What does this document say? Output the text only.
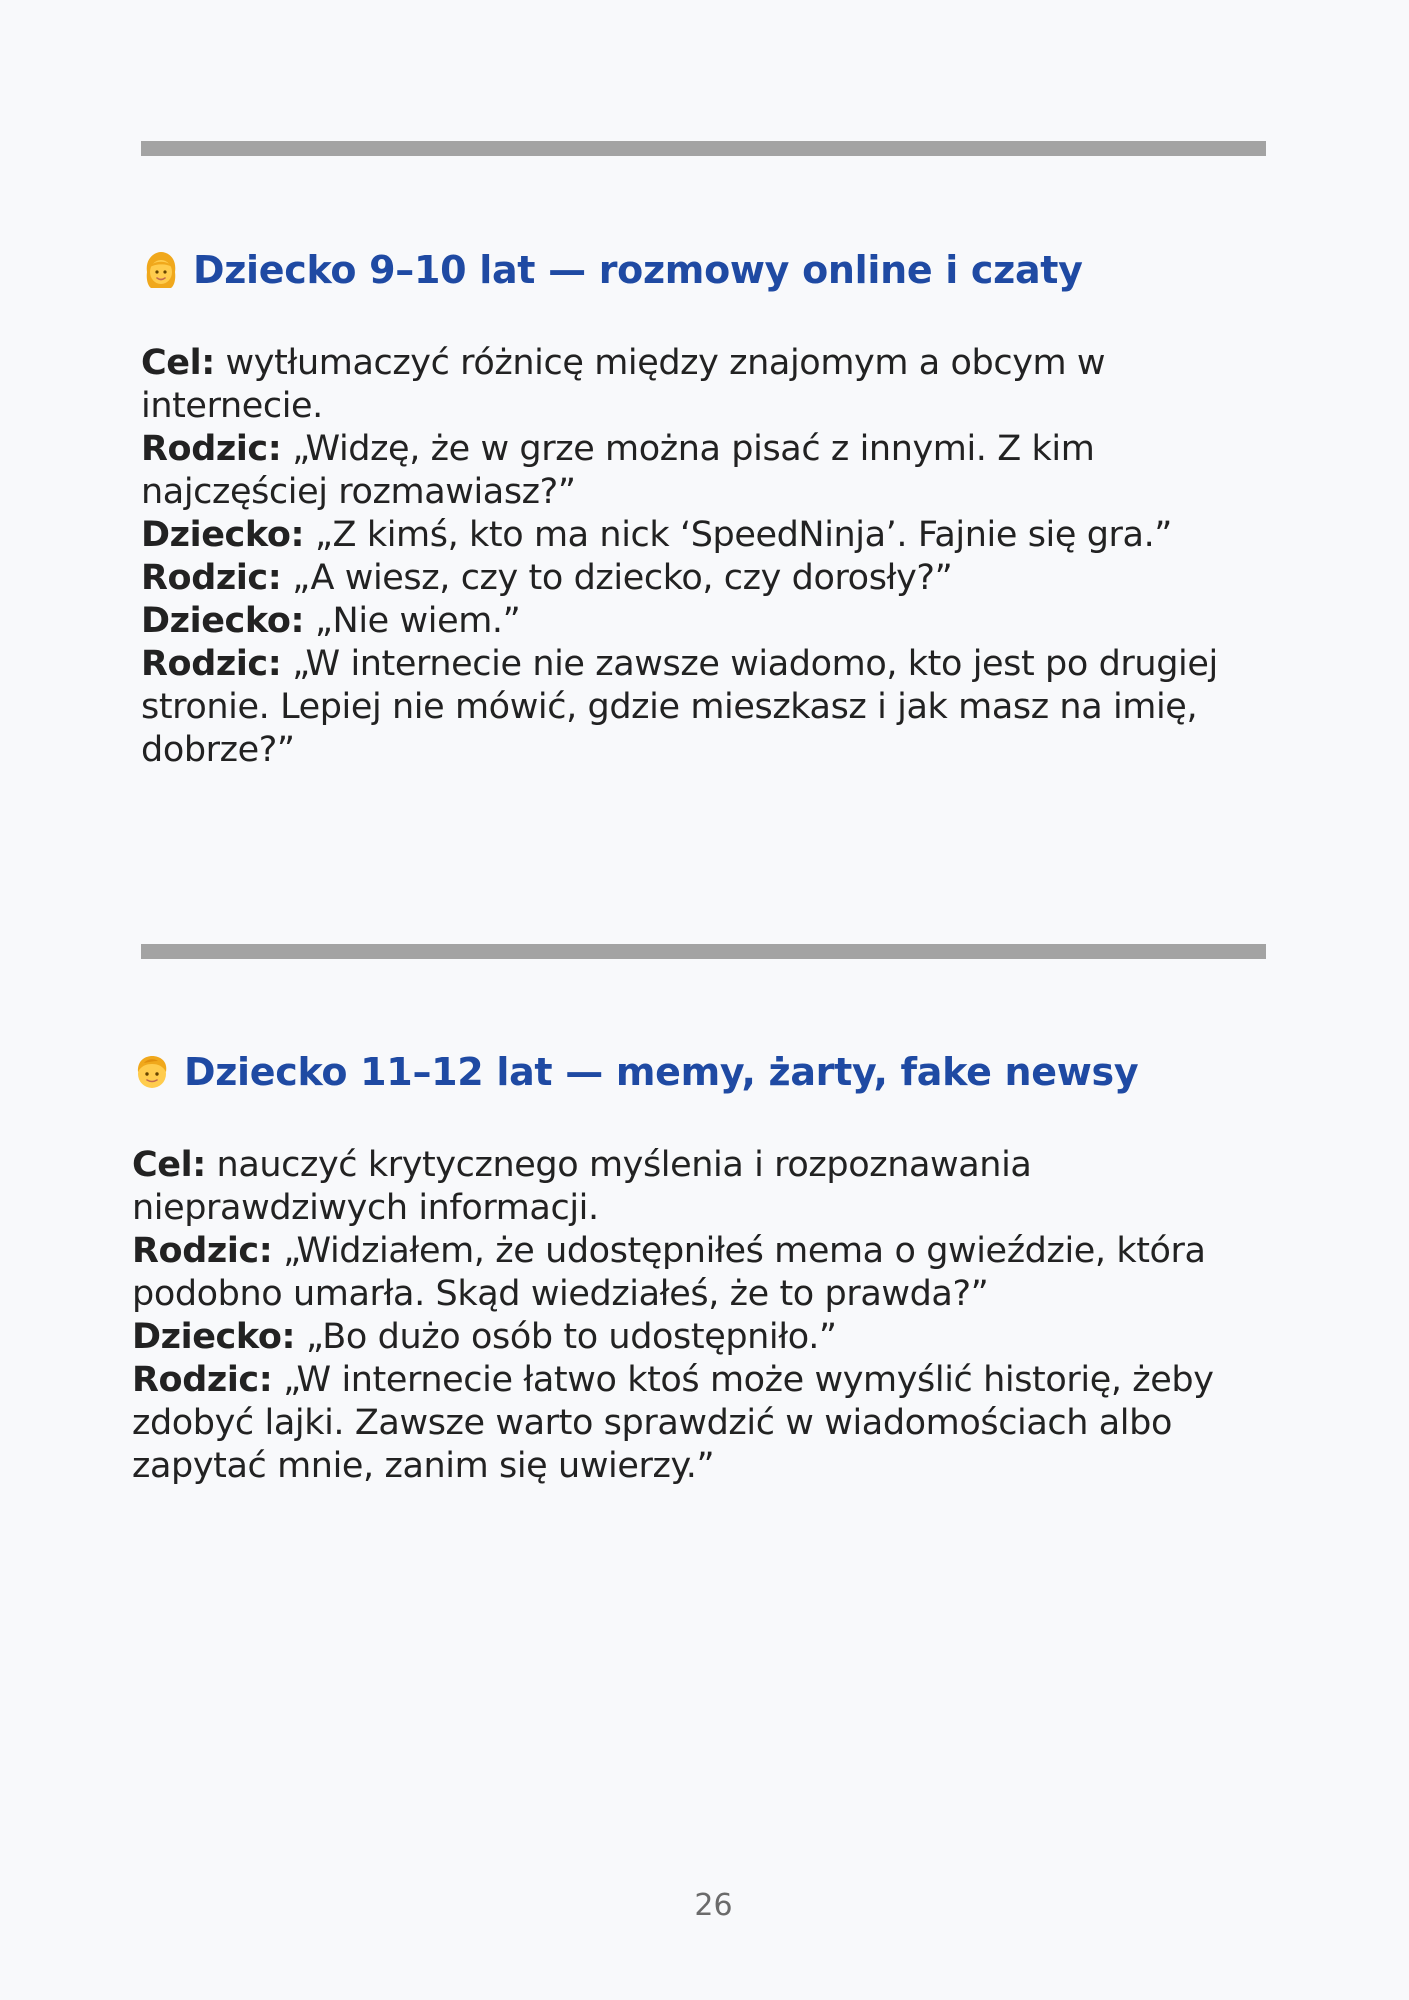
Dziecko 9–10 lat — rozmowy online i czaty
Cel: wytłumaczyć różnicę między znajomym a obcym w internecie.
Rodzic: „Widzę, że w grze można pisać z innymi. Z kim najczęściej rozmawiasz?”
Dziecko: „Z kimś, kto ma nick ‘SpeedNinja’. Fajnie się gra.”
Rodzic: „A wiesz, czy to dziecko, czy dorosły?”
Dziecko: „Nie wiem.”
Rodzic: „W internecie nie zawsze wiadomo, kto jest po drugiej stronie. Lepiej nie mówić, gdzie mieszkasz i jak masz na imię, dobrze?”
Dziecko 11–12 lat — memy, żarty, fake newsy
Cel: nauczyć krytycznego myślenia i rozpoznawania nieprawdziwych informacji.
Rodzic: „Widziałem, że udostępniłeś mema o gwieździe, która podobno umarła. Skąd wiedziałeś, że to prawda?”
Dziecko: „Bo dużo osób to udostępniło.”
Rodzic: „W internecie łatwo ktoś może wymyślić historię, żeby zdobyć lajki. Zawsze warto sprawdzić w wiadomościach albo zapytać mnie, zanim się uwierzy.”
26
